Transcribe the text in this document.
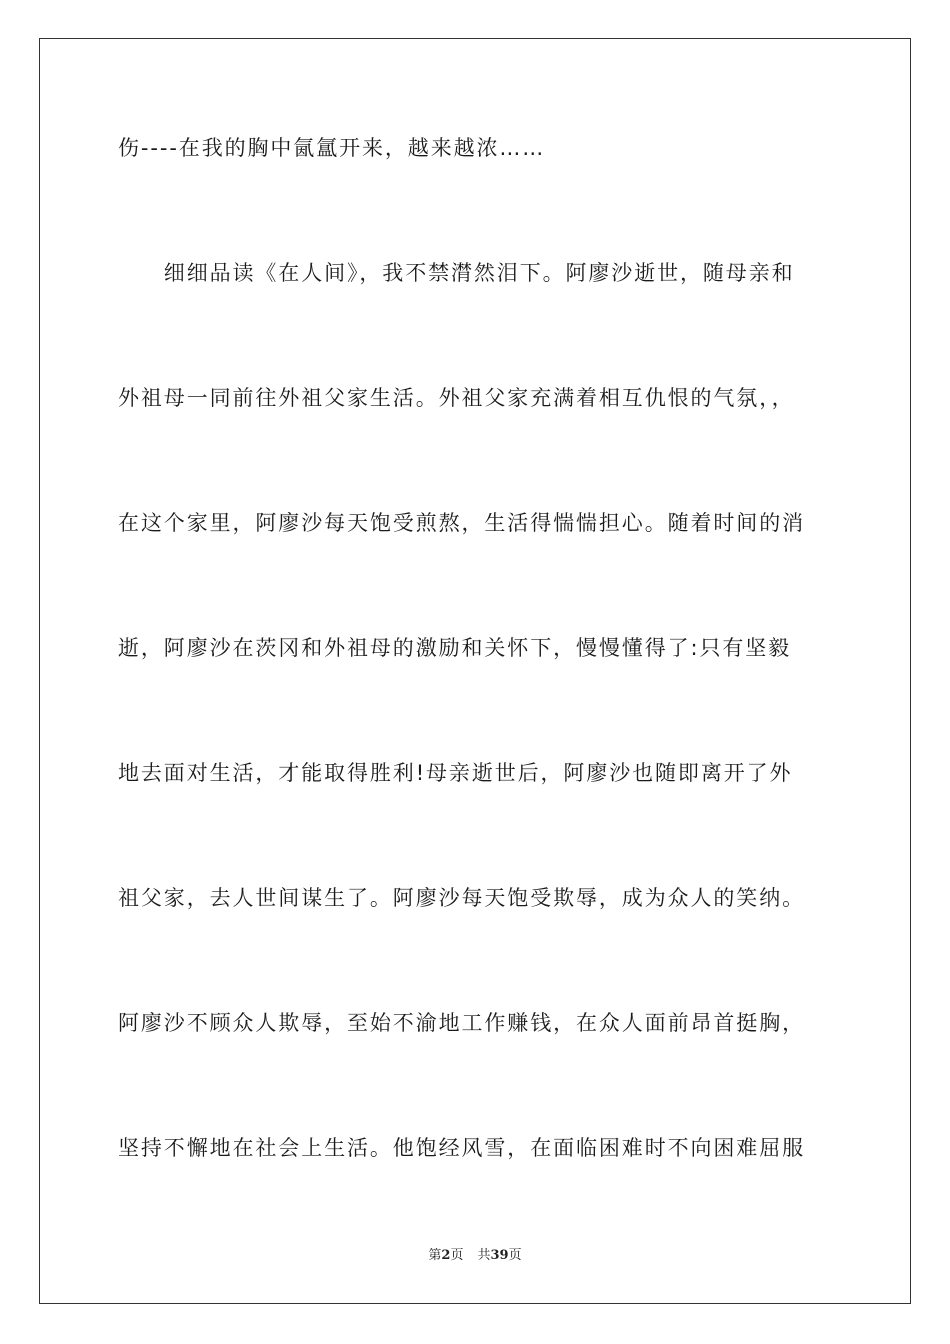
伤----在我的胸中氤氲开来，越来越浓……
　　细细品读《在人间》，我不禁潸然泪下。阿廖沙逝世，随母亲和
外祖母一同前往外祖父家生活。外祖父家充满着相互仇恨的气氛，，
在这个家里，阿廖沙每天饱受煎熬，生活得惴惴担心。随着时间的消
逝，阿廖沙在茨冈和外祖母的激励和关怀下，慢慢懂得了:只有坚毅
地去面对生活，才能取得胜利!母亲逝世后，阿廖沙也随即离开了外
祖父家，去人世间谋生了。阿廖沙每天饱受欺辱，成为众人的笑纳。
阿廖沙不顾众人欺辱，至始不渝地工作赚钱，在众人面前昂首挺胸，
坚持不懈地在社会上生活。他饱经风雪，在面临困难时不向困难屈服
第2页 共39页
